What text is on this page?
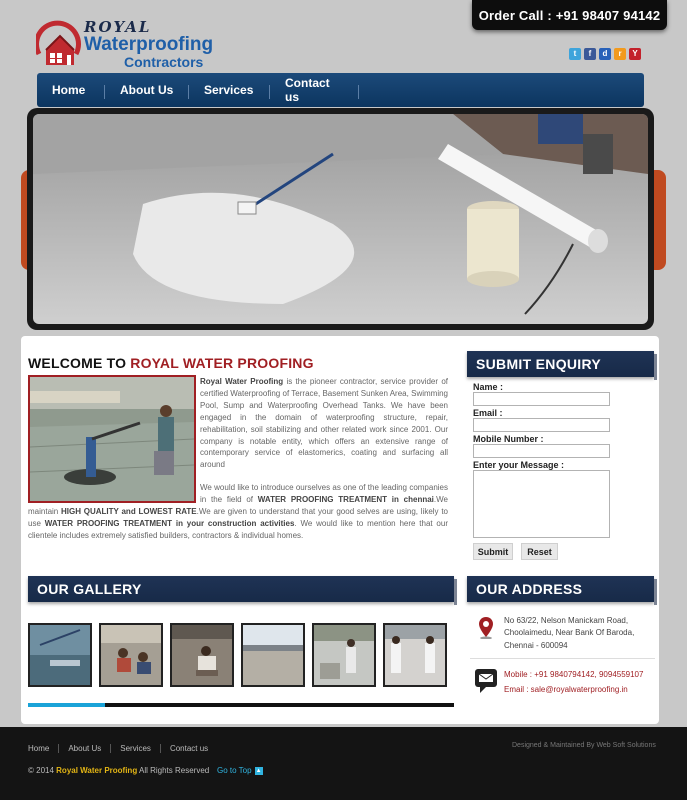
Order Call : +91 98407 94142
ROYAL
Waterproofing
Contractors
t	f	d	r	Y
Home	About Us	Services	Contact us
WELCOME TO ROYAL WATER PROOFING

Royal Water Proofing is the pioneer contractor, service provider of certified Waterproofing of Terrace, Basement Sunken Area, Swimming Pool, Sump and Waterproofing Overhead Tanks. We have been engaged in the domain of waterproofing structure, repair, rehabilitation, soil stabilizing and other related work since 2001. Our company is notable entity, which offers an extensive range of contemporary service of elastomerics, coating and surfacing all around

We would like to introduce ourselves as one of the leading companies in the field of WATER PROOFING TREATMENT in chennai.We maintain HIGH QUALITY and LOWEST RATE.We are given to understand that your good selves are using, likely to use WATER PROOFING TREATMENT in your construction activities. We would like to mention here that our clientele includes extremely satisfied builders, contractors & individual homes.

SUBMIT ENQUIRY
Name :
Email :
Mobile Number :
Enter your Message :
Submit	Reset
OUR GALLERY	OUR ADDRESS
No 63/22, Nelson Manickam Road,
Choolaimedu, Near Bank Of Baroda,
Chennai - 600094
Mobile : +91 9840794142, 9094559107
Email : sale@royalwaterproofing.in
Home	About Us	Services	Contact us	Designed & Maintained By Web Soft Solutions
© 2014 Royal Water Proofing All Rights Reserved Go to Top ▲
